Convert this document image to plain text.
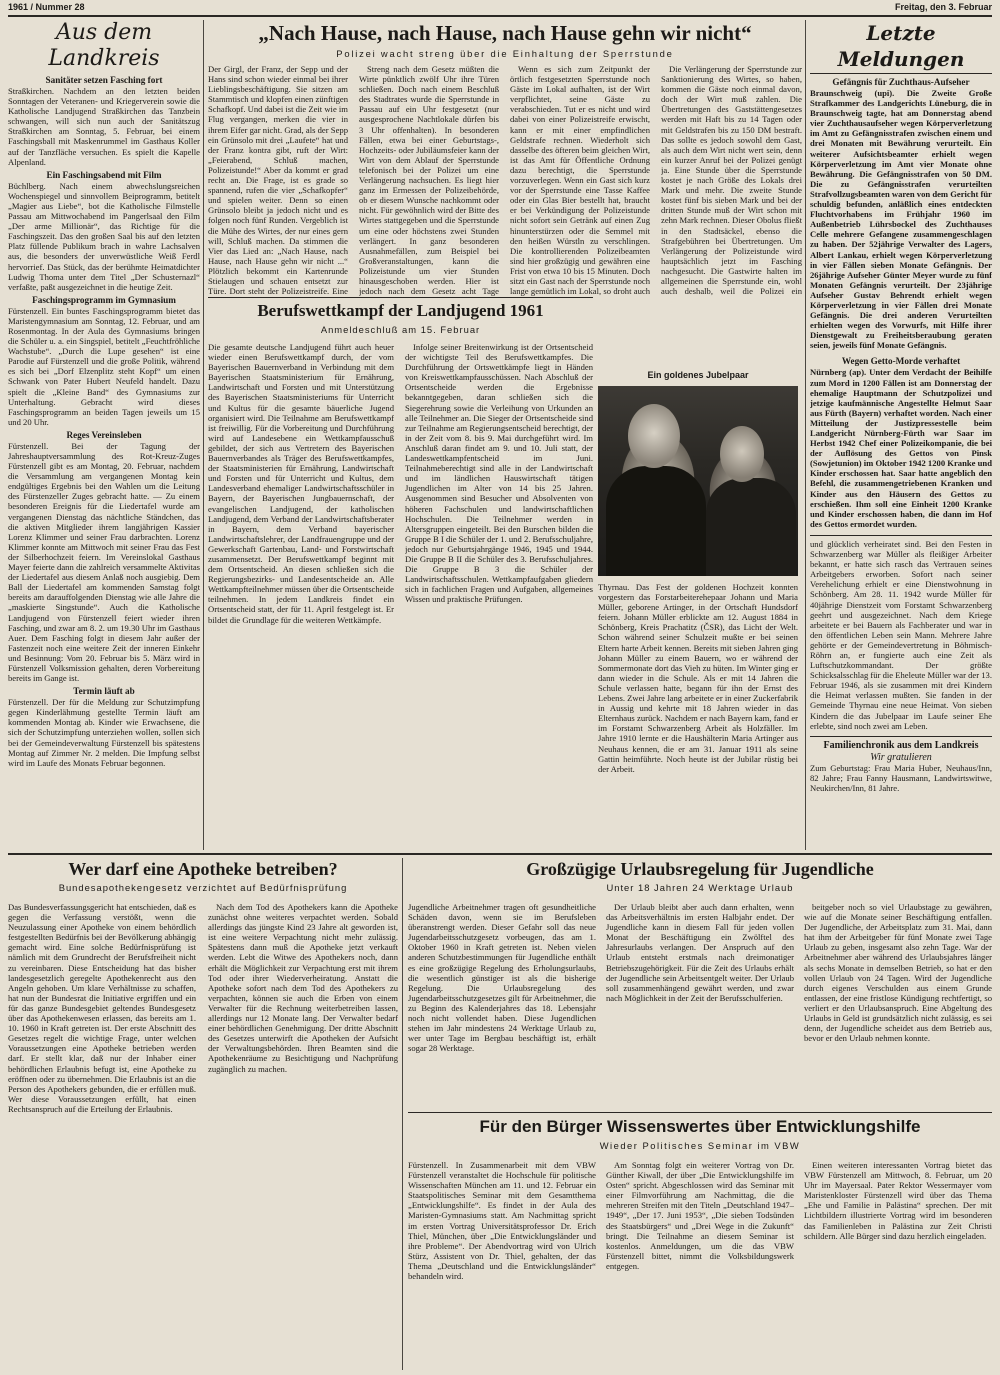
1961 / Nummer 28	Freitag, den 3. Februar
Aus dem Landkreis
Sanitäter setzen Fasching fort

Straßkirchen. Nachdem an den letzten beiden Sonntagen der Veteranen- und Kriegerverein sowie die Katholische Landjugend Straßkirchen das Tanzbein schwangen, will sich nun auch der Sanitätszug Straßkirchen am Sonntag, 5. Februar, bei einem Faschingsball mit Maskenrummel im Gasthaus Koller auf der Tanzfläche versuchen. Es spielt die Kapelle Alpenland.

Ein Faschingsabend mit Film

Büchlberg. Nach einem abwechslungsreichen Wochenspiegel und sinnvollem Beiprogramm, betitelt „Magier aus Liebe“, bot die Katholische Filmstelle Passau am Mittwochabend im Pangerlsaal den Film „Der arme Millionär“, das Richtige für die Faschingszeit. Das den großen Saal bis auf den letzten Platz füllende Publikum brach in wahre Lachsalven aus, die besonders der unverwüstliche Weiß Ferdl hervorrief. Das Stück, das der berühmte Heimatdichter Ludwig Thoma unter dem Titel „Der Schusternazl“ verfaßte, paßt ausgezeichnet in die heutige Zeit.

Faschingsprogramm im Gymnasium

Fürstenzell. Ein buntes Faschingsprogramm bietet das Maristengymnasium am Sonntag, 12. Februar, und am Rosenmontag. In der Aula des Gymnasiums bringen die Schüler u. a. ein Singspiel, betitelt „Feuchtfröhliche Wachstube“. „Durch die Lupe gesehen“ ist eine Parodie auf Fürstenzell und die große Politik, während es sich bei „Dorf Elzenplitz steht Kopf“ um einen Schwank von Pater Hubert Neufeld handelt. Dazu spielt die „Kleine Band“ des Gymnasiums zur Unterhaltung. Gebracht wird dieses Faschingsprogramm an beiden Tagen jeweils um 15 und 20 Uhr.

Reges Vereinsleben

Fürstenzell. Bei der Tagung der Jahreshauptversammlung des Rot-Kreuz-Zuges Fürstenzell gibt es am Montag, 20. Februar, nachdem die Versammlung am vergangenen Montag kein endgültiges Ergebnis bei den Wahlen um die Leitung des Fürstenzeller Zuges gebracht hatte. — Zu einem besonderen Ereignis für die Liedertafel wurde am vergangenen Dienstag das nächtliche Ständchen, das die aktiven Mitglieder ihrem langjährigen Kassier Lorenz Klimmer und seiner Frau darbrachten. Lorenz Klimmer konnte am Mittwoch mit seiner Frau das Fest der Silberhochzeit feiern. Im Vereinslokal Gasthaus Mayer feierte dann die zahlreich versammelte Aktivitas der Liedertafel aus diesem Anlaß noch ausgiebig. Dem Ball der Liedertafel am kommenden Samstag folgt bereits am darauffolgenden Dienstag wie alle Jahre die „maskierte Singstunde“. Auch die Katholische Landjugend von Fürstenzell feiert wieder ihren Fasching, und zwar am 8. 2. um 19.30 Uhr im Gasthaus Auer. Dem Fasching folgt in diesem Jahr außer der Fastenzeit noch eine weitere Zeit der inneren Einkehr und Besinnung: Vom 20. Februar bis 5. März wird in Fürstenzell Volksmission gehalten, deren Vorbereitung bereits im Gange ist.

Termin läuft ab

Fürstenzell. Der für die Meldung zur Schutzimpfung gegen Kinderlähmung gestellte Termin läuft am kommenden Montag ab. Kinder wie Erwachsene, die sich der Schutzimpfung unterziehen wollen, sollen sich bei der Gemeindeverwaltung Fürstenzell bis spätestens Montag auf Zimmer Nr. 2 melden. Die Impfung selbst wird im Laufe des Monats Februar begonnen.

„Nach Hause, nach Hause, nach Hause gehn wir nicht“
Polizei wacht streng über die Einhaltung der Sperrstunde

Der Girgl, der Franz, der Sepp und der Hans sind schon wieder einmal bei ihrer Lieblingsbeschäftigung. Sie sitzen am Stammtisch und klopfen einen zünftigen Schafkopf. Und dabei ist die Zeit wie im Flug vergangen, merken die vier in ihrem Eifer gar nicht. Grad, als der Sepp ein Grünsolo mit drei „Laufete“ hat und der Franz kontra gibt, ruft der Wirt: „Feierabend, Schluß machen, Polizeistunde!“ Aber da kommt er grad recht an. Die Frage, ist es grade so spannend, rufen die vier „Schafkopfer“ und spielen weiter. Denn so einen Grünsolo bleibt ja jedoch nicht und es folgen noch fünf Runden. Vergeblich ist die Mühe des Wirtes, der nur eines gern will, Schluß machen. Da stimmen die Vier das Lied an: „Nach Hause, nach Hause, nach Hause gehn wir nicht ...“ Plötzlich bekommt ein Kartenrunde Stielaugen und schauen entsetzt zur Türe. Dort steht der Polizeistreife. Eine

Streng nach dem Gesetz müßten die Wirte pünktlich zwölf Uhr ihre Türen schließen. Doch nach einem Beschluß des Stadtrates wurde die Sperrstunde in Passau auf ein Uhr festgesetzt (nur ausgesprochene Nachtlokale dürfen bis 3 Uhr offenhalten). In besonderen Fällen, etwa bei einer Geburtstags-, Hochzeits- oder Jubiläumsfeier kann der Wirt von dem Ablauf der Sperrstunde telefonisch bei der Polizei um eine Verlängerung nachsuchen. Es liegt hier ganz im Ermessen der Polizeibehörde, ob er diesem Wunsche nachkommt oder nicht. Für gewöhnlich wird der Bitte des Wirtes stattgegeben und die Sperrstunde um eine oder höchstens zwei Stunden verlängert. In ganz besonderen Ausnahmefällen, zum Beispiel bei Großveranstaltungen, kann die Polizeistunde um vier Stunden hinausgeschoben werden. Hier ist jedoch nach dem Gesetz acht Tage

Wenn es sich zum Zeitpunkt der örtlich festgesetzten Sperrstunde noch Gäste im Lokal aufhalten, ist der Wirt verpflichtet, seine Gäste zu verabschieden. Tut er es nicht und wird dabei von einer Polizeistreife erwischt, kann er mit einer empfindlichen Geldstrafe rechnen. Wiederholt sich dasselbe des öfteren beim gleichen Wirt, ist das Amt für Öffentliche Ordnung dazu berechtigt, die Sperrstunde vorzuverlegen. Wenn ein Gast sich kurz vor der Sperrstunde eine Tasse Kaffee oder ein Glas Bier bestellt hat, braucht er bei Verkündigung der Polizeistunde nicht sofort sein Getränk auf einen Zug hinunterstürzen oder die Semmel mit den heißen Würstln zu verschlingen. Die kontrollierenden Polizeibeamten sind hier großzügig und gewähren eine Frist von etwa 10 bis 15 Minuten. Doch sitzt ein Gast nach der Sperrstunde noch lange gemütlich im Lokal, so droht auch

Die Verlängerung der Sperrstunde zur Sanktionierung des Wirtes, so haben, kommen die Gäste noch einmal davon, doch der Wirt muß zahlen. Die Übertretungen des Gaststättengesetzes werden mit Haft bis zu 14 Tagen oder mit Geldstrafen bis zu 150 DM bestraft. Das sollte es jedoch sowohl dem Gast, als auch dem Wirt nicht wert sein, denn ein kurzer Anruf bei der Polizei genügt ja. Eine Stunde über die Sperrstunde kostet je nach Größe des Lokals drei Mark und mehr. Die zweite Stunde kostet fünf bis sieben Mark und bei der dritten Stunde muß der Wirt schon mit zehn Mark rechnen. Dieser Obolus fließt in den Stadtsäckel, ebenso die Strafgebühren bei Übertretungen. Um Verlängerung der Polizeistunde wird hauptsächlich jetzt im Fasching nachgesucht. Die Gastwirte halten im allgemeinen die Sperrstunde ein, wohl auch deshalb, weil die Polizei ein

Berufswettkampf der Landjugend 1961
Anmeldeschluß am 15. Februar

Die gesamte deutsche Landjugend führt auch heuer wieder einen Berufswettkampf durch, der vom Bayerischen Bauernverband in Verbindung mit dem Bayerischen Staatsministerium für Ernährung, Landwirtschaft und Forsten und mit Unterstützung des Bayerischen Staatsministeriums für Unterricht und Kultus für die gesamte bäuerliche Jugend organisiert wird. Die Teilnahme am Berufswettkampf ist freiwillig. Für die Vorbereitung und Durchführung wird auf Landesebene ein Wettkampfausschuß gebildet, der sich aus Vertretern des Bayerischen Bauernverbandes als Träger des Berufswettkampfes, der Staatsministerien für Ernährung, Landwirtschaft und Forsten und für Unterricht und Kultus, dem Landesverband ehemaliger Landwirtschaftsschüler in Bayern, der Bayerischen Jungbauernschaft, der evangelischen Landjugend, der katholischen Landjugend, dem Verband der Landwirtschaftsberater in Bayern, dem Verband bayerischer Landwirtschaftslehrer, der Landfrauengruppe und der Gewerkschaft Gartenbau, Land- und Forstwirtschaft zusammensetzt. Der Berufswettkampf beginnt mit dem Ortsentscheid. An diesen schließen sich die Regierungsbezirks- und Landesentscheide an. Alle Wettkampfteilnehmer müssen über die Ortsentscheide teilnehmen. In jedem Landkreis findet ein Ortsentscheid statt, der für 11. April festgelegt ist. Er bildet die Grundlage für die weiteren Wettkämpfe.

Infolge seiner Breitenwirkung ist der Ortsentscheid der wichtigste Teil des Berufswettkampfes. Die Durchführung der Ortswettkämpfe liegt in Händen von Kreiswettkampfausschüssen. Nach Abschluß der Ortsentscheide werden die Ergebnisse bekanntgegeben, daran schließen sich die Siegerehrung sowie die Verleihung von Urkunden an alle Teilnehmer an. Die Sieger der Ortsentscheide sind zur Teilnahme am Regierungsentscheid berechtigt, der in der Zeit vom 8. bis 9. Mai durchgeführt wird. Im Anschluß daran findet am 9. und 10. Juli statt, der Landeswettkampfentscheid im Juni. Teilnahmeberechtigt sind alle in der Landwirtschaft und im ländlichen Hauswirtschaft tätigen Jugendlichen im Alter von 14 bis 25 Jahren. Ausgenommen sind Besucher und Absolventen von höheren Fachschulen und landwirtschaftlichen Hochschulen. Die Teilnehmer werden in Altersgruppen eingeteilt. Bei den Burschen bilden die Gruppe B I die Schüler der 1. und 2. Berufsschuljahre, jedoch nur Geburtsjahrgänge 1946, 1945 und 1944. Die Gruppe B II die Schüler des 3. Berufsschuljahres. Die Gruppe B 3 die Schüler der Landwirtschaftsschulen. Wettkampfaufgaben gliedern sich in fachlichen Fragen und Aufgaben, allgemeines Wissen und praktische Prüfungen.

Ein goldenes Jubelpaar

Thyrnau. Das Fest der goldenen Hochzeit konnten vorgestern das Forstarbeiterehepaar Johann und Maria Müller, geborene Artinger, in der Ortschaft Hundsdorf feiern. Johann Müller erblickte am 12. August 1884 in Schönberg, Kreis Prachatitz (ČSR), das Licht der Welt. Schon während seiner Schulzeit mußte er bei seinen Eltern harte Arbeit kennen. Bereits mit sieben Jahren ging Johann Müller zu einem Bauern, wo er während der Sommermonate dort das Vieh zu hüten. Im Winter ging er dann wieder in die Schule. Als er mit 14 Jahren die Schule verlassen hatte, begann für ihn der Ernst des Lebens. Zwei Jahre lang arbeitete er in einer Zuckerfabrik in Aussig und kehrte mit 18 Jahren wieder in das Elternhaus zurück. Nachdem er nach Bayern kam, fand er im Forstamt Schwarzenberg Arbeit als Holzfäller. Im Jahre 1910 lernte er die Haushälterin Maria Artinger aus Neuhaus kennen, die er am 31. Januar 1911 als seine Gattin heimführte. Noch heute ist der Jubilar rüstig bei der Arbeit.

Letzte Meldungen
Gefängnis für Zuchthaus-Aufseher

Braunschweig (upi). Die Zweite Große Strafkammer des Landgerichts Lüneburg, die in Braunschweig tagte, hat am Donnerstag abend vier Zuchthausaufseher wegen Körperverletzung im Amt zu Gefängnisstrafen zwischen einem und drei Monaten mit Bewährung verurteilt. Ein weiterer Aufsichtsbeamter erhielt wegen Körperverletzung im Amt vier Monate ohne Bewährung. Die Gefängnisstrafen von 50 DM. Die zu Gefängnisstrafen verurteilten Strafvollzugsbeamten waren von dem Gericht für schuldig befunden, anläßlich eines entdeckten Fluchtvorhabens im Frühjahr 1960 im Außenbetrieb Lührsbockel des Zuchthauses Celle mehrere Gefangene zusammengeschlagen zu haben. Der 52jährige Verwalter des Lagers, Albert Lankau, erhielt wegen Körperverletzung in vier Fällen sieben Monate Gefängnis. Der 26jährige Aufseher Günter Meyer wurde zu fünf Monaten Gefängnis verurteilt. Der 23jährige Aufseher Gustav Behrendt erhielt wegen Körperverletzung in vier Fällen drei Monate Gefängnis. Die drei anderen Verurteilten erhielten wegen des Vorwurfs, mit Hilfe ihrer Dienstgewalt zu Freiheitsberaubung geraten seien, jeweils fünf Monate Gefängnis.

Wegen Getto-Morde verhaftet

Nürnberg (ap). Unter dem Verdacht der Beihilfe zum Mord in 1200 Fällen ist am Donnerstag der ehemalige Hauptmann der Schutzpolizei und jetzige kaufmännische Angestellte Helmut Saar aus Fürth (Bayern) verhaftet worden. Nach einer Mitteilung der Justizpressestelle beim Landgericht Nürnberg-Fürth war Saar im Herbst 1942 Chef einer Polizeikompanie, die bei der Auflösung des Gettos von Pinsk (Sowjetunion) im Oktober 1942 1200 Kranke und Kinder erschossen hat. Saar hatte angeblich den Befehl, die zusammengetriebenen Kranken und Kinder aus den Häusern des Gettos zu erschießen. Ihm soll eine Einheit 1200 Kranke und Kinder erschossen haben, die dann im Hof des Gettos ermordet wurden.

und glücklich verheiratet sind. Bei den Festen in Schwarzenberg war Müller als fleißiger Arbeiter bekannt, er hatte sich rasch das Vertrauen seines Arbeitgebers erworben. Sofort nach seiner Verehelichung erhielt er eine Dienstwohnung in Schönberg. Am 28. 11. 1942 wurde Müller für 40jährige Dienstzeit vom Forstamt Schwarzenberg geehrt und ausgezeichnet. Nach dem Kriege arbeitete er bei Bauern als Fachberater und war in den öffentlichen Leben sein Mann. Mehrere Jahre gehörte er der Gemeindevertretung in Böhmisch-Röhrn an, er fungierte auch eine Zeit als Luftschutzkommandant. Der größte Schicksalsschlag für die Eheleute Müller war der 13. Februar 1946, als sie zusammen mit drei Kindern die Heimat verlassen mußten. Sie fanden in der Gemeinde Thyrnau eine neue Heimat. Von sieben Kindern die das Jubelpaar im Laufe seiner Ehe erlebte, sind noch zwei am Leben.

Familienchronik aus dem Landkreis
Wir gratulieren

Zum Geburtstag: Frau Maria Huber, Neuhaus/Inn, 82 Jahre; Frau Fanny Hausmann, Landwirtswitwe, Neukirchen/Inn, 81 Jahre.

Wer darf eine Apotheke betreiben?
Bundesapothekengesetz verzichtet auf Bedürfnisprüfung

Das Bundesverfassungsgericht hat entschieden, daß es gegen die Verfassung verstößt, wenn die Neuzulassung einer Apotheke von einem behördlich festgestellten Bedürfnis bei der Bevölkerung abhängig gemacht wird. Eine solche Bedürfnisprüfung ist nämlich mit dem Grundrecht der Berufsfreiheit nicht zu vereinbaren. Diese Entscheidung hat das bisher landesgesetzlich geregelte Apothekenrecht aus den Angeln gehoben. Um klare Verhältnisse zu schaffen, hat nun der Bundesrat die Initiative ergriffen und ein für das ganze Bundesgebiet geltendes Bundesgesetz über das Apothekenwesen erlassen, das bereits am 1. 10. 1960 in Kraft getreten ist. Der erste Abschnitt des Gesetzes regelt die wichtige Frage, unter welchen Voraussetzungen eine Apotheke betrieben werden darf. Er stellt klar, daß nur der Inhaber einer behördlichen Erlaubnis befugt ist, eine Apotheke zu eröffnen oder zu übernehmen. Die Erlaubnis ist an die Person des Apothekers gebunden, die er erfüllen muß. Wer diese Voraussetzungen erfüllt, hat einen Rechtsanspruch auf die Erteilung der Erlaubnis.

Nach dem Tod des Apothekers kann die Apotheke zunächst ohne weiteres verpachtet werden. Sobald allerdings das jüngste Kind 23 Jahre alt geworden ist, ist eine weitere Verpachtung nicht mehr zulässig. Spätestens dann muß die Apotheke jetzt verkauft werden. Lebt die Witwe des Apothekers noch, dann erhält die Möglichkeit zur Verpachtung erst mit ihrem Tod oder ihrer Wiederverheiratung. Anstatt die Apotheke sofort nach dem Tod des Apothekers zu verpachten, können sie auch die Erben von einem Verwalter für die Rechnung weiterbetreiben lassen, allerdings nur 12 Monate lang. Der Verwalter bedarf einer behördlichen Genehmigung. Der dritte Abschnitt des Gesetzes unterwirft die Apotheken der Aufsicht der Verwaltungsbehörden. Ihren Beamten sind die Apothekenräume zu Besichtigung und Nachprüfung zugänglich zu machen.

Großzügige Urlaubsregelung für Jugendliche
Unter 18 Jahren 24 Werktage Urlaub

Jugendliche Arbeitnehmer tragen oft gesundheitliche Schäden davon, wenn sie im Berufsleben überanstrengt werden. Dieser Gefahr soll das neue Jugendarbeitsschutzgesetz vorbeugen, das am 1. Oktober 1960 in Kraft getreten ist. Neben vielen anderen Schutzbestimmungen für Jugendliche enthält es eine großzügige Regelung des Erholungsurlaubs, die wesentlich günstiger ist als die bisherige Regelung. Die Urlaubsregelung des Jugendarbeitsschutzgesetzes gilt für Arbeitnehmer, die zu Beginn des Kalenderjahres das 18. Lebensjahr noch nicht vollendet haben. Diese Jugendlichen stehen im Jahr mindestens 24 Werktage Urlaub zu, wer unter Tage im Bergbau beschäftigt ist, erhält sogar 28 Werktage.

Der Urlaub bleibt aber auch dann erhalten, wenn das Arbeitsverhältnis im ersten Halbjahr endet. Der Jugendliche kann in diesem Fall für jeden vollen Monat der Beschäftigung ein Zwölftel des Jahresurlaubs verlangen. Der Anspruch auf den Urlaub entsteht erstmals nach dreimonatiger Betriebszugehörigkeit. Für die Zeit des Urlaubs erhält der Jugendliche sein Arbeitsentgelt weiter. Der Urlaub soll zusammenhängend gewährt werden, und zwar nach Möglichkeit in der Zeit der Berufsschulferien.

beitgeber noch so viel Urlaubstage zu gewähren, wie auf die Monate seiner Beschäftigung entfallen. Der Jugendliche, der Arbeitsplatz zum 31. Mai, dann hat ihm der Arbeitgeber für fünf Monate zwei Tage Urlaub zu geben, insgesamt also zehn Tage. War der Arbeitnehmer aber während des Urlaubsjahres länger als sechs Monate in demselben Betrieb, so hat er den vollen Urlaub von 24 Tagen. Wird der Jugendliche durch eigenes Verschulden aus einem Grunde entlassen, der eine fristlose Kündigung rechtfertigt, so verliert er den Urlaubsanspruch. Eine Abgeltung des Urlaubs in Geld ist grundsätzlich nicht zulässig, es sei denn, der Jugendliche scheidet aus dem Betrieb aus, bevor er den Urlaub nehmen konnte.

Für den Bürger Wissenswertes über Entwicklungshilfe
Wieder Politisches Seminar im VBW

Fürstenzell. In Zusammenarbeit mit dem VBW Fürstenzell veranstaltet die Hochschule für politische Wissenschaften München am 11. und 12. Februar ein Staatspolitisches Seminar mit dem Gesamtthema „Entwicklungshilfe“. Es findet in der Aula des Maristen-Gymnasiums statt. Am Nachmittag spricht im ersten Vortrag Universitätsprofessor Dr. Erich Thiel, München, über „Die Entwicklungsländer und ihre Probleme“. Der Abendvortrag wird von Ulrich Stürz, Assistent von Dr. Thiel, gehalten, der das Thema „Deutschland und die Entwicklungsländer“ behandeln wird.

Am Sonntag folgt ein weiterer Vortrag von Dr. Günther Kiwall, der über „Die Entwicklungshilfe im Osten“ spricht. Abgeschlossen wird das Seminar mit einer Filmvorführung am Nachmittag, die die mehreren Streifen mit den Titeln „Deutschland 1947–1949“, „Der 17. Juni 1953“, „Die sieben Todsünden des Staatsbürgers“ und „Drei Wege in die Zukunft“ bringt. Die Teilnahme an diesem Seminar ist kostenlos. Anmeldungen, um die das VBW Fürstenzell bittet, nimmt die Volksbildungswerk entgegen.

Einen weiteren interessanten Vortrag bietet das VBW Fürstenzell am Mittwoch, 8. Februar, um 20 Uhr im Mayersaal. Pater Rektor Wessermayer vom Maristenkloster Fürstenzell wird über das Thema „Ehe und Familie in Palästina“ sprechen. Der mit Lichtbildern illustrierte Vortrag wird im besonderen das Familienleben in Palästina zur Zeit Christi schildern. Alle Bürger sind dazu herzlich eingeladen.
